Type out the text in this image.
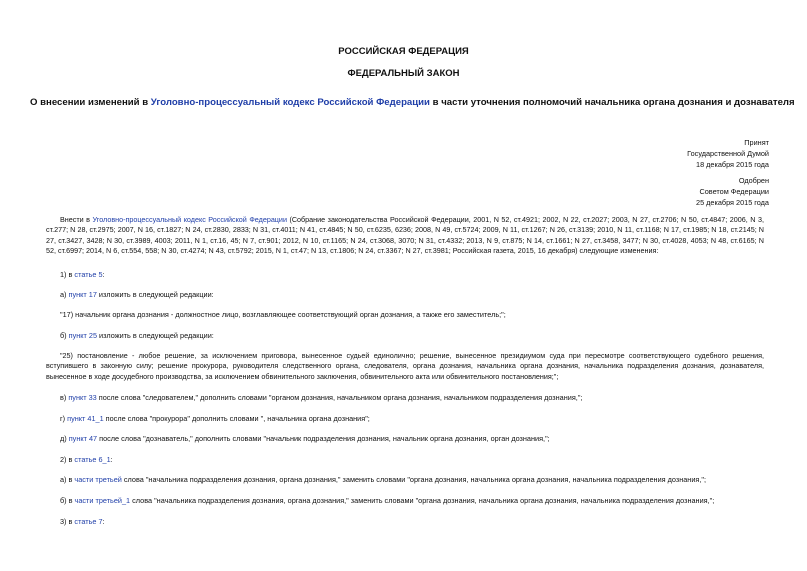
РОССИЙСКАЯ ФЕДЕРАЦИЯ
ФЕДЕРАЛЬНЫЙ ЗАКОН
О внесении изменений в Уголовно-процессуальный кодекс Российской Федерации в части уточнения полномочий начальника органа дознания и дознавателя
Принят
Государственной Думой
18 декабря 2015 года
Одобрен
Советом Федерации
25 декабря 2015 года
Внести в Уголовно-процессуальный кодекс Российской Федерации (Собрание законодательства Российской Федерации, 2001, N 52, ст.4921; 2002, N 22, ст.2027; 2003, N 27, ст.2706; N 50, ст.4847; 2006, N 3, ст.277; N 28, ст.2975; 2007, N 16, ст.1827; N 24, ст.2830, 2833; N 31, ст.4011; N 41, ст.4845; N 50, ст.6235, 6236; 2008, N 49, ст.5724; 2009, N 11, ст.1267; N 26, ст.3139; 2010, N 11, ст.1168; N 17, ст.1985; N 18, ст.2145; N 27, ст.3427, 3428; N 30, ст.3989, 4003; 2011, N 1, ст.16, 45; N 7, ст.901; 2012, N 10, ст.1165; N 24, ст.3068, 3070; N 31, ст.4332; 2013, N 9, ст.875; N 14, ст.1661; N 27, ст.3458, 3477; N 30, ст.4028, 4053; N 48, ст.6165; N 52, ст.6997; 2014, N 6, ст.554, 558; N 30, ст.4274; N 43, ст.5792; 2015, N 1, ст.47; N 13, ст.1806; N 24, ст.3367; N 27, ст.3981; Российская газета, 2015, 16 декабря) следующие изменения:
1) в статье 5:
а) пункт 17 изложить в следующей редакции:
"17) начальник органа дознания - должностное лицо, возглавляющее соответствующий орган дознания, а также его заместитель;";
б) пункт 25 изложить в следующей редакции:
"25) постановление - любое решение, за исключением приговора, вынесенное судьей единолично; решение, вынесенное президиумом суда при пересмотре соответствующего судебного решения, вступившего в законную силу; решение прокурора, руководителя следственного органа, следователя, органа дознания, начальника органа дознания, начальника подразделения дознания, дознавателя, вынесенное в ходе досудебного производства, за исключением обвинительного заключения, обвинительного акта или обвинительного постановления;";
в) пункт 33 после слова "следователем," дополнить словами "органом дознания, начальником органа дознания, начальником подразделения дознания,";
г) пункт 41_1 после слова "прокурора" дополнить словами ", начальника органа дознания";
д) пункт 47 после слова "дознаватель," дополнить словами "начальник подразделения дознания, начальник органа дознания, орган дознания,";
2) в статье 6_1:
а) в части третьей слова "начальника подразделения дознания, органа дознания," заменить словами "органа дознания, начальника органа дознания, начальника подразделения дознания,";
б) в части третьей_1 слова "начальника подразделения дознания, органа дознания," заменить словами "органа дознания, начальника органа дознания, начальника подразделения дознания,";
3) в статье 7:
